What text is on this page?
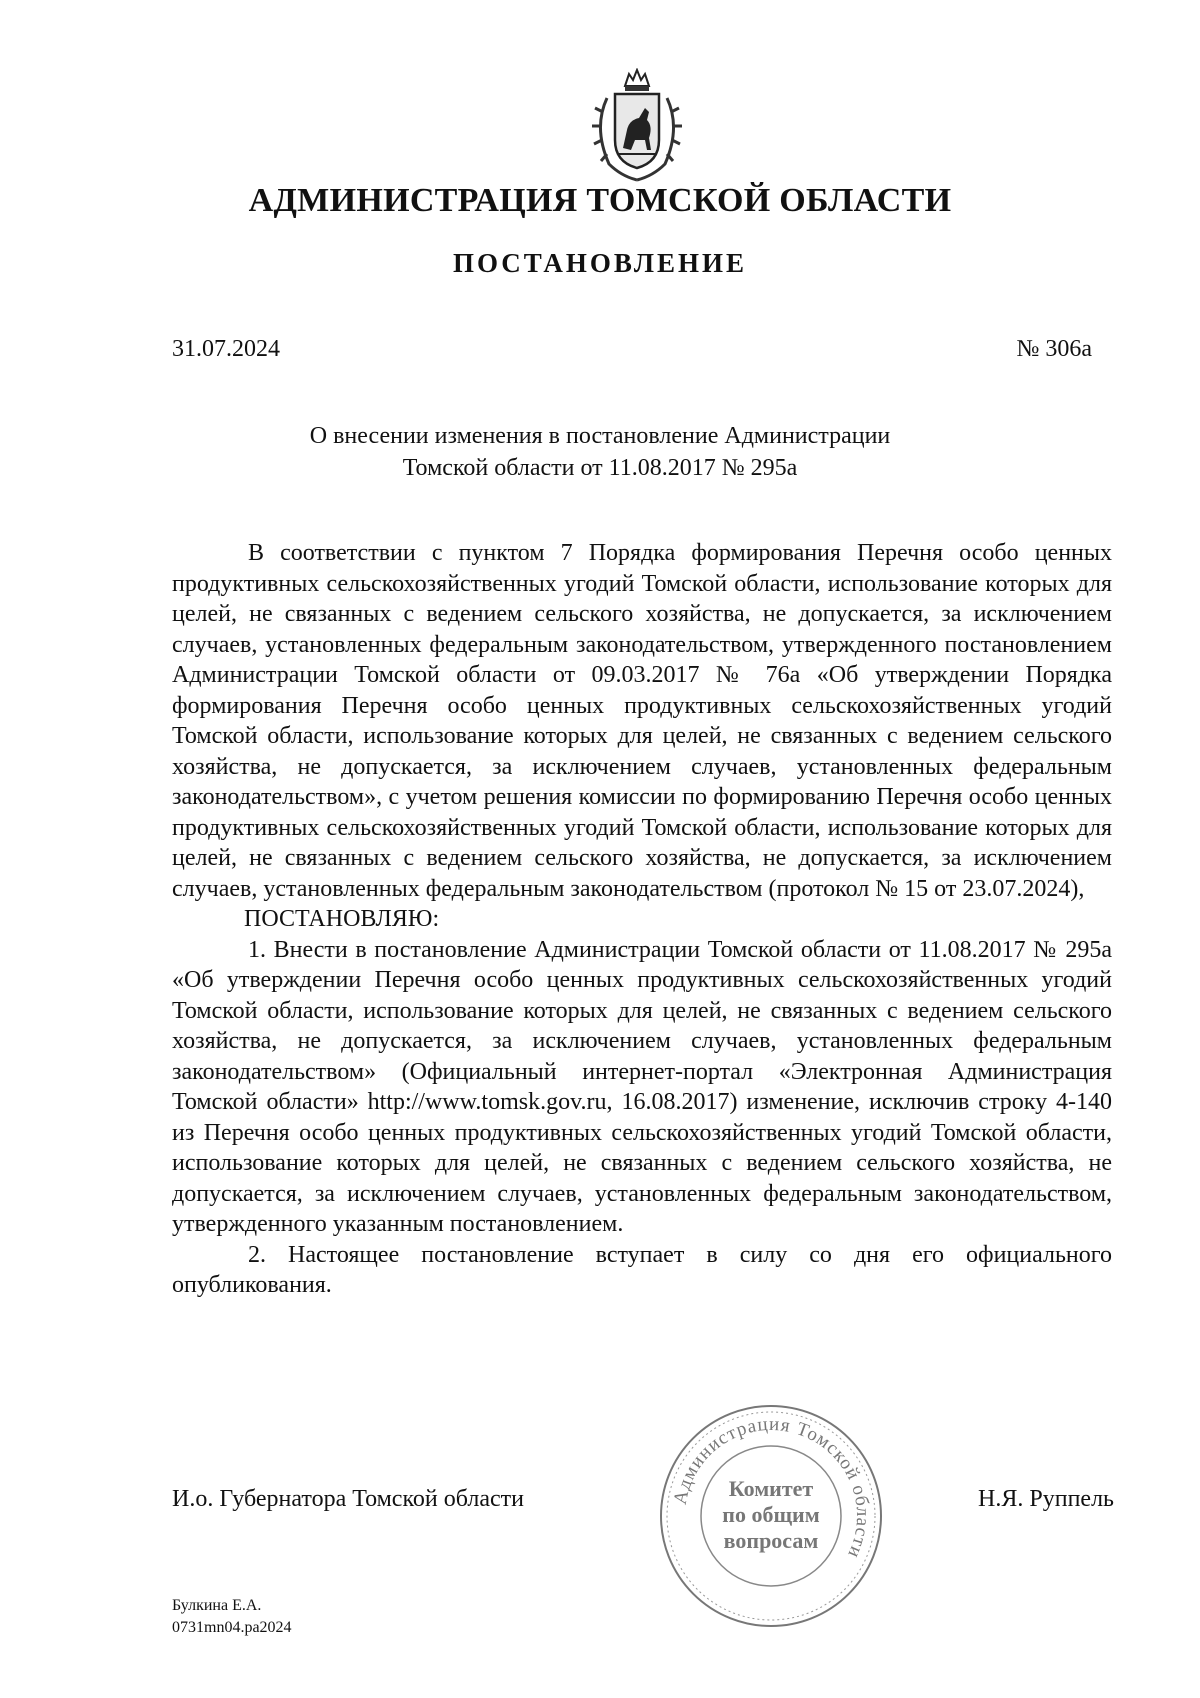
АДМИНИСТРАЦИЯ ТОМСКОЙ ОБЛАСТИ
ПОСТАНОВЛЕНИЕ
31.07.2024	№ 306а
О внесении изменения в постановление Администрации
Томской области от 11.08.2017 № 295а

В соответствии с пунктом 7 Порядка формирования Перечня особо ценных продуктивных сельскохозяйственных угодий Томской области, использование которых для целей, не связанных с ведением сельского хозяйства, не допускается, за исключением случаев, установленных федеральным законодательством, утвержденного постановлением Администрации Томской области от 09.03.2017 № 76а «Об утверждении Порядка формирования Перечня особо ценных продуктивных сельскохозяйственных угодий Томской области, использование которых для целей, не связанных с ведением сельского хозяйства, не допускается, за исключением случаев, установленных федеральным законодательством», с учетом решения комиссии по формированию Перечня особо ценных продуктивных сельскохозяйственных угодий Томской области, использование которых для целей, не связанных с ведением сельского хозяйства, не допускается, за исключением случаев, установленных федеральным законодательством (протокол № 15 от 23.07.2024),

ПОСТАНОВЛЯЮ:

1. Внести в постановление Администрации Томской области от 11.08.2017 № 295а «Об утверждении Перечня особо ценных продуктивных сельскохозяйственных угодий Томской области, использование которых для целей, не связанных с ведением сельского хозяйства, не допускается, за исключением случаев, установленных федеральным законодательством» (Официальный интернет-портал «Электронная Администрация Томской области» http://www.tomsk.gov.ru, 16.08.2017) изменение, исключив строку 4-140 из Перечня особо ценных продуктивных сельскохозяйственных угодий Томской области, использование которых для целей, не связанных с ведением сельского хозяйства, не допускается, за исключением случаев, установленных федеральным законодательством, утвержденного указанным постановлением.

2. Настоящее постановление вступает в силу со дня его официального опубликования.

Администрация Томской области
Комитет
по общим
вопросам
И.о. Губернатора Томской области	Н.Я. Руппель
Булкина Е.А.
0731mn04.pa2024
